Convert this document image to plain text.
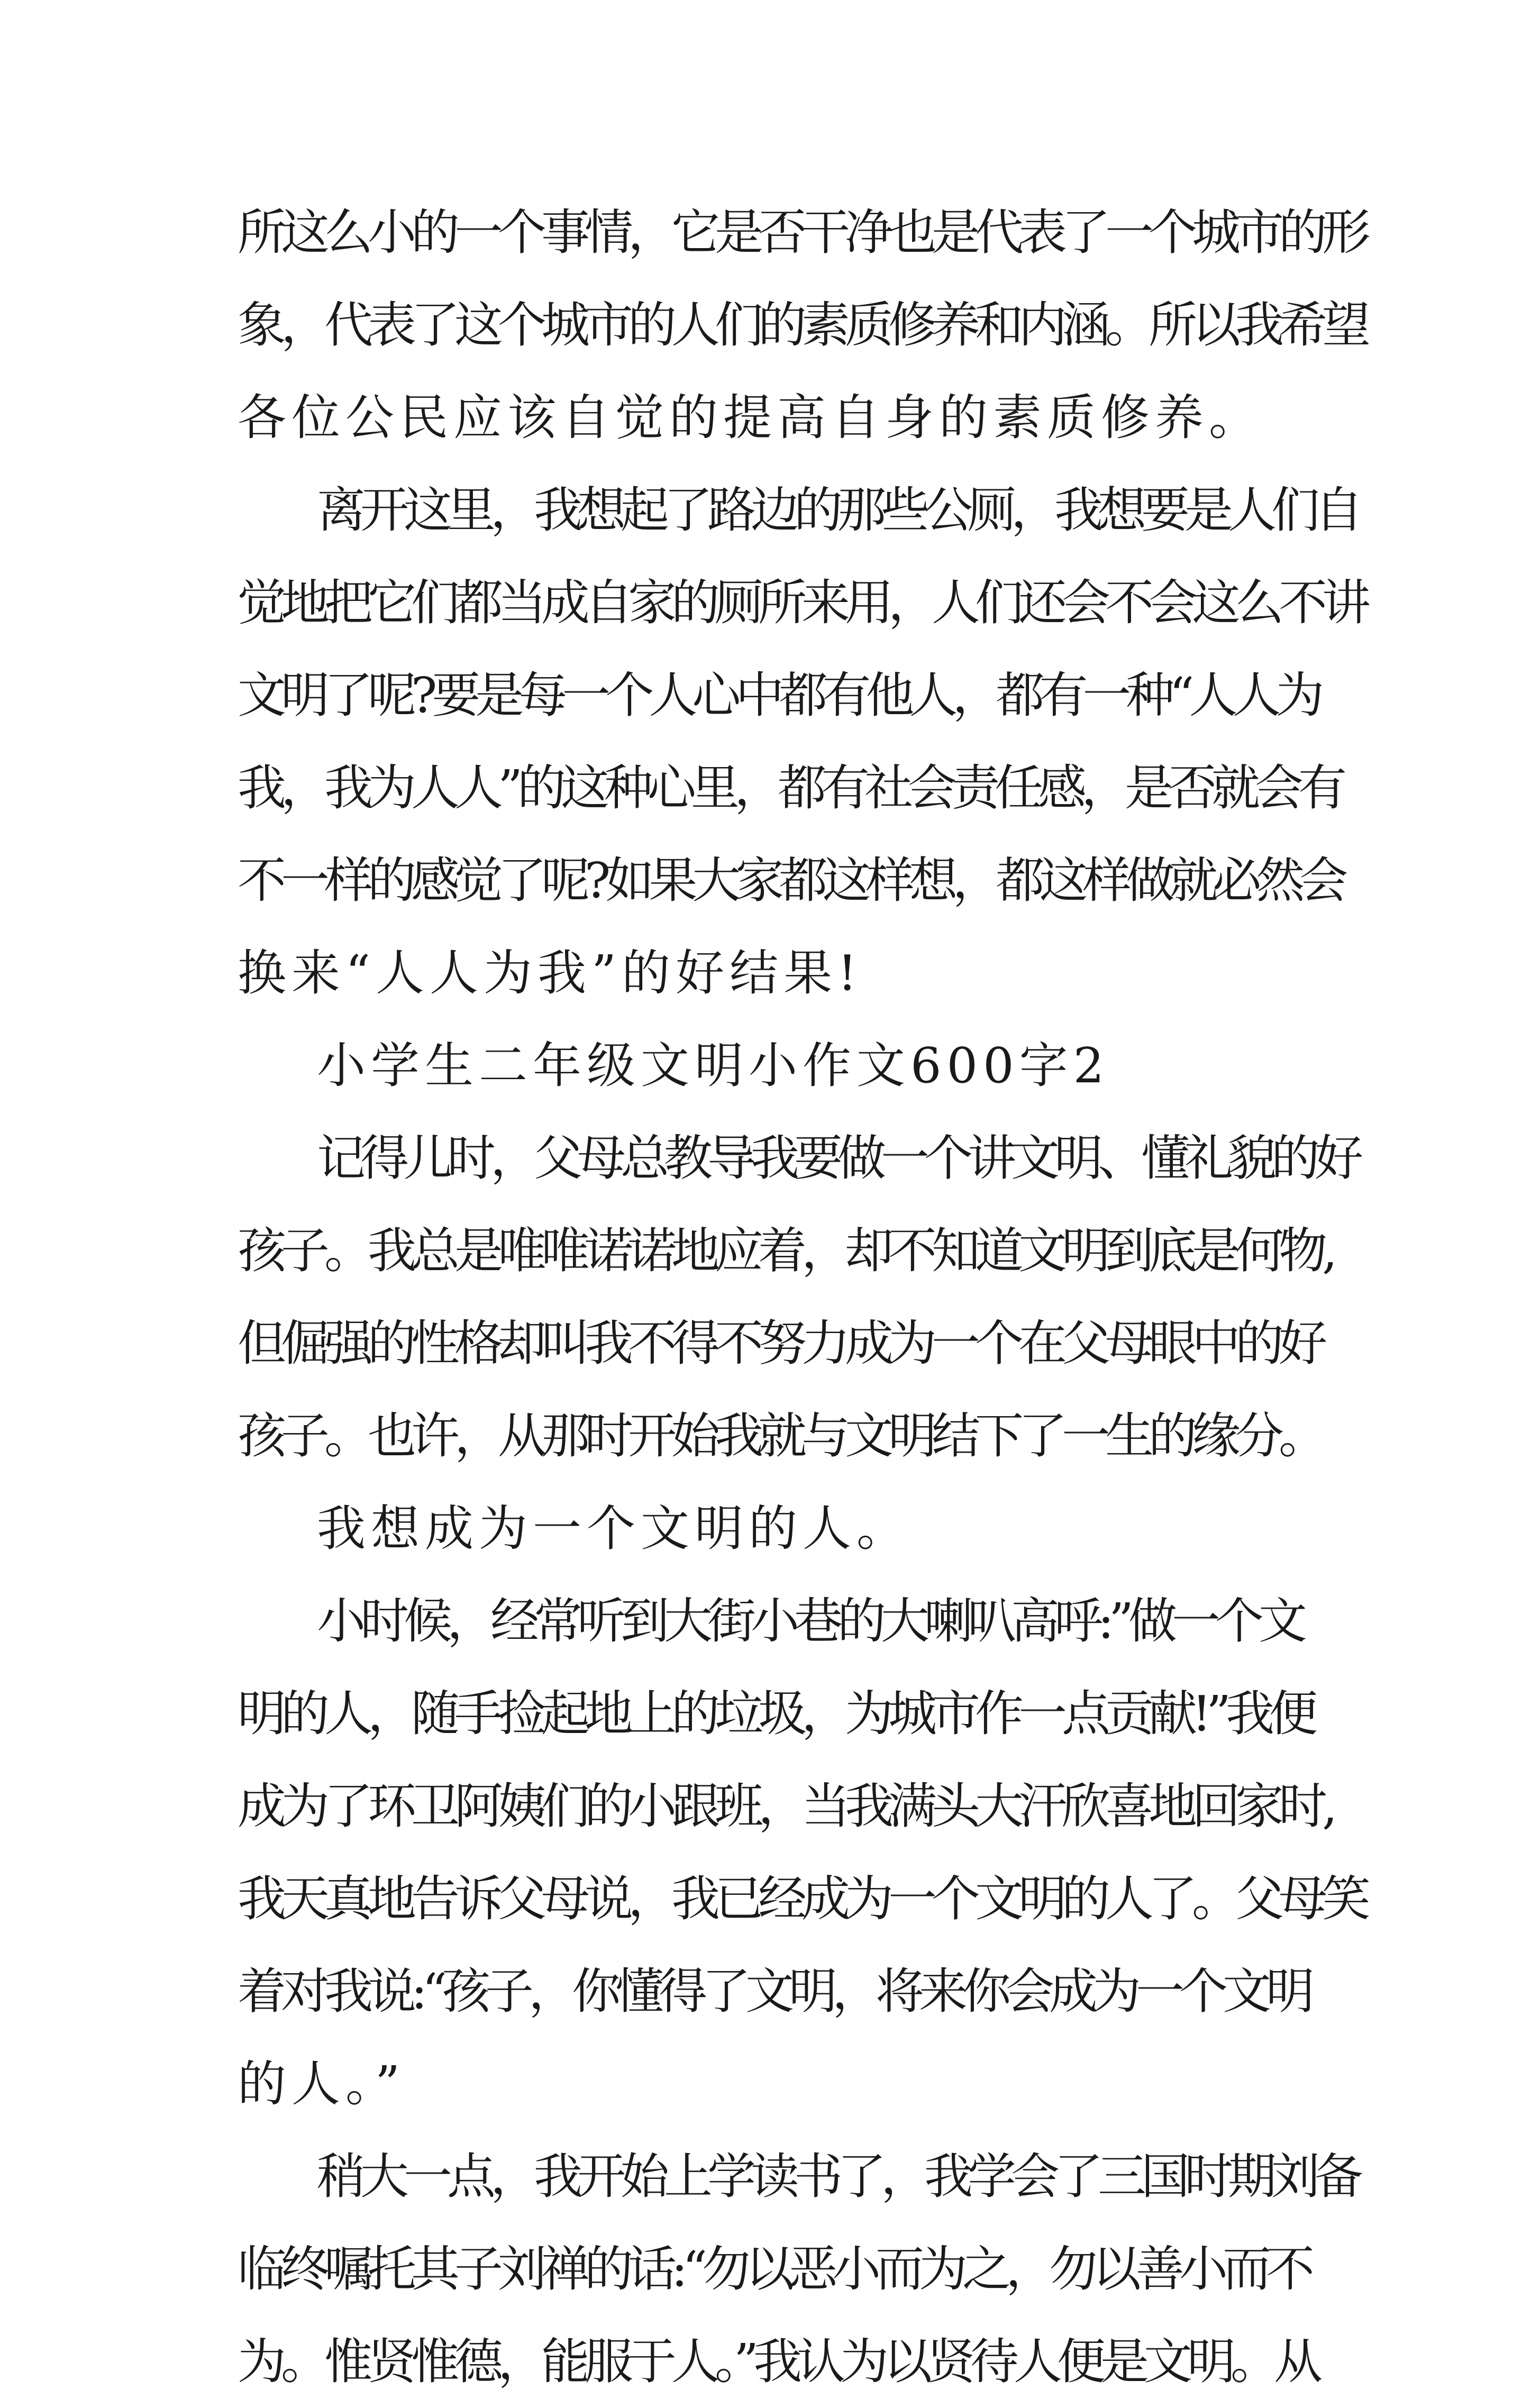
所这么小的一个事情，它是否干净也是代表了一个城市的形
象，代表了这个城市的人们的素质修养和内涵。所以我希望
各位公民应该自觉的提高自身的素质修养。
离开这里，我想起了路边的那些公厕，我想要是人们自
觉地把它们都当成自家的厕所来用，人们还会不会这么不讲
文明了呢?要是每一个人心中都有他人，都有一种“人人为
我，我为人人”的这种心里，都有社会责任感，是否就会有
不一样的感觉了呢?如果大家都这样想，都这样做就必然会
换来“人人为我”的好结果!
小学生二年级文明小作文600字2
记得儿时，父母总教导我要做一个讲文明、懂礼貌的好
孩子。我总是唯唯诺诺地应着，却不知道文明到底是何物,
但倔强的性格却叫我不得不努力成为一个在父母眼中的好
孩子。也许，从那时开始我就与文明结下了一生的缘分。
我想成为一个文明的人。
小时候，经常听到大街小巷的大喇叭高呼:”做一个文
明的人，随手捡起地上的垃圾，为城市作一点贡献!”我便
成为了环卫阿姨们的小跟班，当我满头大汗欣喜地回家时,
我天真地告诉父母说，我已经成为一个文明的人了。父母笑
着对我说:“孩子，你懂得了文明，将来你会成为一个文明
的人。”
稍大一点，我开始上学读书了，我学会了三国时期刘备
临终嘱托其子刘禅的话:“勿以恶小而为之，勿以善小而不
为。惟贤惟德，能服于人。”我认为以贤待人便是文明。从
